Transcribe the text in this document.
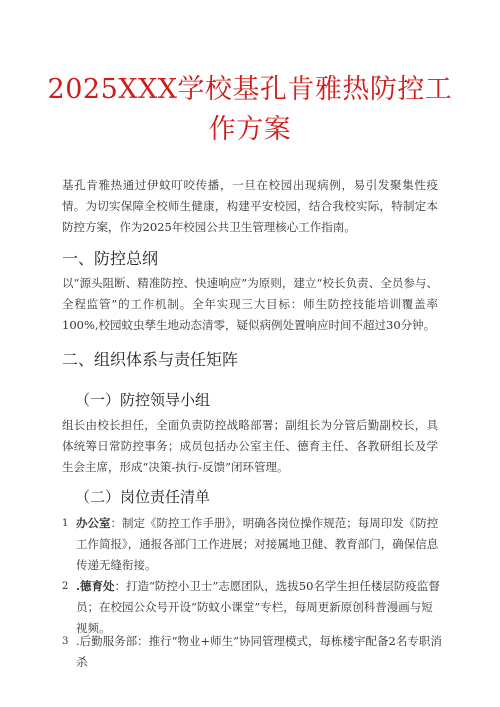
2025XXX学校基孔肯雅热防控工作方案
基孔肯雅热通过伊蚊叮咬传播，一旦在校园出现病例，易引发聚集性疫情。为切实保障全校师生健康，构建平安校园，结合我校实际，特制定本防控方案，作为2025年校园公共卫生管理核心工作指南。
一、防控总纲
以“源头阻断、精准防控、快速响应”为原则，建立“校长负责、全员参与、全程监管”的工作机制。全年实现三大目标：师生防控技能培训覆盖率100%,校园蚊虫孳生地动态清零，疑似病例处置响应时间不超过30分钟。
二、组织体系与责任矩阵
（一）防控领导小组
组长由校长担任，全面负责防控战略部署；副组长为分管后勤副校长，具体统筹日常防控事务；成员包括办公室主任、德育主任、各教研组长及学生会主席，形成“决策-执行-反馈”闭环管理。
（二）岗位责任清单
1 办公室：制定《防控工作手册》，明确各岗位操作规范；每周印发《防控工作简报》，通报各部门工作进展；对接属地卫健、教育部门，确保信息传递无缝衔接。
2 .德育处：打造“防控小卫士”志愿团队，选拔50名学生担任楼层防疫监督员；在校园公众号开设“防蚊小课堂”专栏，每周更新原创科普漫画与短视频。
3 .后勤服务部：推行“物业+师生”协同管理模式，每栋楼宇配备2名专职消杀
